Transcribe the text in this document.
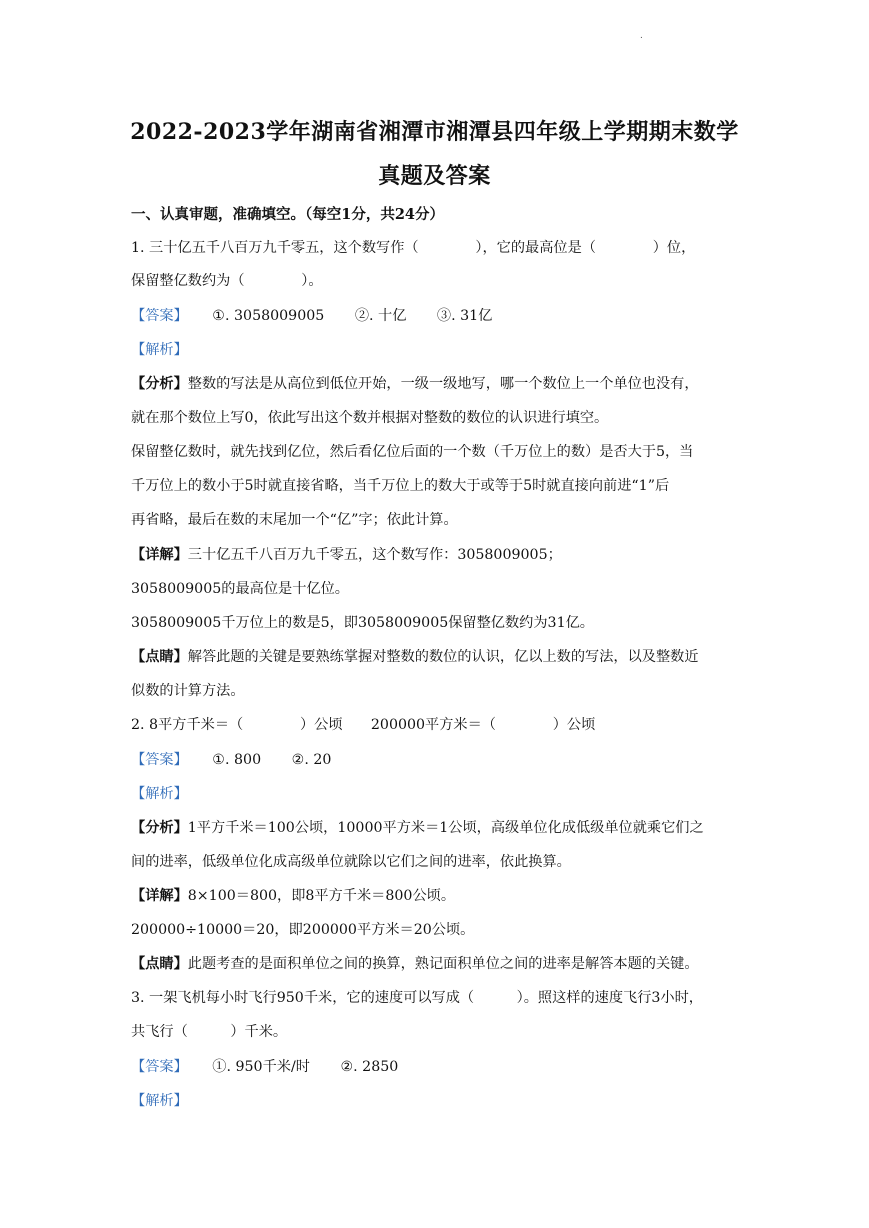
.
2022-2023学年湖南省湘潭市湘潭县四年级上学期期末数学
真题及答案
一、认真审题，准确填空。（每空1分，共24分）
1. 三十亿五千八百万九千零五，这个数写作（　　　　），它的最高位是（　　　　）位，
保留整亿数约为（　　　　）。
【答案】 ①. 3058009005 ②. 十亿 ③. 31亿
【解析】
【分析】整数的写法是从高位到低位开始，一级一级地写，哪一个数位上一个单位也没有，
就在那个数位上写0，依此写出这个数并根据对整数的数位的认识进行填空。
保留整亿数时，就先找到亿位，然后看亿位后面的一个数（千万位上的数）是否大于5，当
千万位上的数小于5时就直接省略，当千万位上的数大于或等于5时就直接向前进“1”后
再省略，最后在数的末尾加一个“亿”字；依此计算。
【详解】三十亿五千八百万九千零五，这个数写作：3058009005；
3058009005的最高位是十亿位。
3058009005千万位上的数是5，即3058009005保留整亿数约为31亿。
【点睛】解答此题的关键是要熟练掌握对整数的数位的认识，亿以上数的写法，以及整数近
似数的计算方法。
2. 8平方千米＝（　　　　）公顷　　200000平方米＝（　　　　）公顷
【答案】 ①. 800 ②. 20
【解析】
【分析】1平方千米＝100公顷，10000平方米＝1公顷，高级单位化成低级单位就乘它们之
间的进率，低级单位化成高级单位就除以它们之间的进率，依此换算。
【详解】8×100＝800，即8平方千米＝800公顷。
200000÷10000＝20，即200000平方米＝20公顷。
【点睛】此题考查的是面积单位之间的换算，熟记面积单位之间的进率是解答本题的关键。
3. 一架飞机每小时飞行950千米，它的速度可以写成（　　　）。照这样的速度飞行3小时，
共飞行（　　　）千米。
【答案】 ①. 950千米/时 ②. 2850
【解析】
